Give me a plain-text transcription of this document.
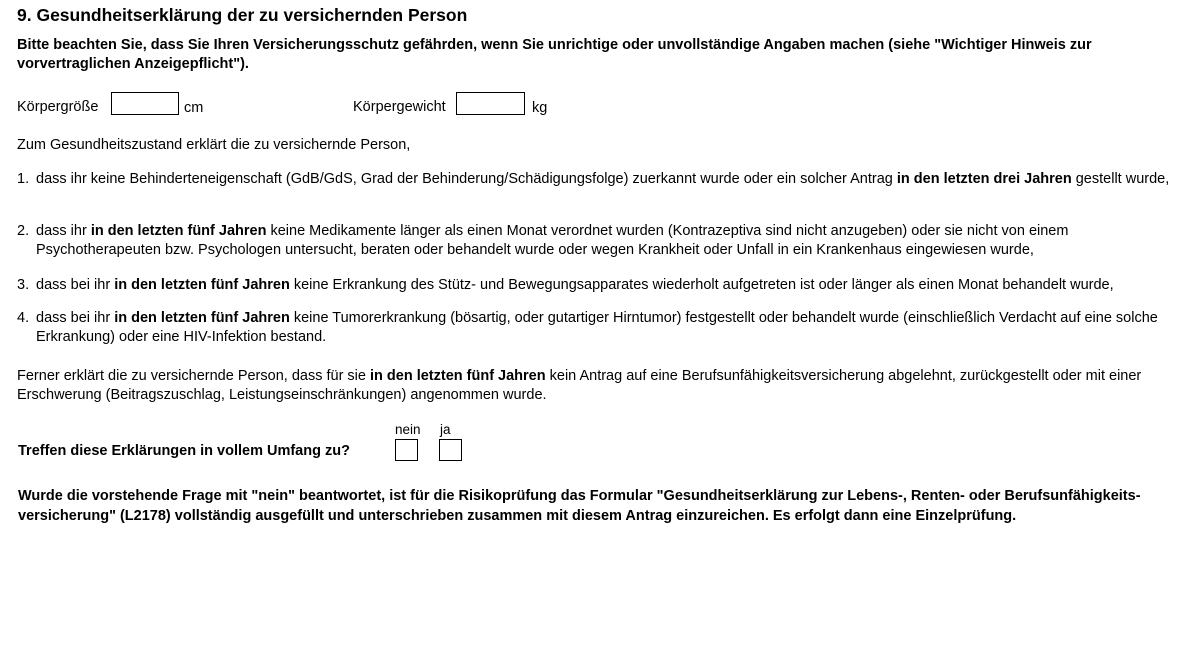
9. Gesundheitserklärung der zu versichernden Person
Bitte beachten Sie, dass Sie Ihren Versicherungsschutz gefährden, wenn Sie unrichtige oder unvollständige Angaben machen (siehe "Wichtiger Hinweis zur vorvertraglichen Anzeigepflicht").
Körpergröße	cm	Körpergewicht	kg
Zum Gesundheitszustand erklärt die zu versichernde Person,
1. dass ihr keine Behinderteneigenschaft (GdB/GdS, Grad der Behinderung/Schädigungsfolge) zuerkannt wurde oder ein solcher Antrag in den letzten drei Jahren gestellt wurde,
2. dass ihr in den letzten fünf Jahren keine Medikamente länger als einen Monat verordnet wurden (Kontrazeptiva sind nicht anzugeben) oder sie nicht von einem Psychotherapeuten bzw. Psychologen untersucht, beraten oder behandelt wurde oder wegen Krankheit oder Unfall in ein Krankenhaus eingewiesen wurde,
3. dass bei ihr in den letzten fünf Jahren keine Erkrankung des Stütz- und Bewegungsapparates wiederholt aufgetreten ist oder länger als einen Monat behandelt wurde,
4. dass bei ihr in den letzten fünf Jahren keine Tumorerkrankung (bösartig, oder gutartiger Hirntumor) festgestellt oder behandelt wurde (einschließlich Verdacht auf eine solche Erkrankung) oder eine HIV-Infektion bestand.
Ferner erklärt die zu versichernde Person, dass für sie in den letzten fünf Jahren kein Antrag auf eine Berufsunfähigkeitsversicherung abgelehnt, zurückgestellt oder mit einer Erschwerung (Beitragszuschlag, Leistungseinschränkungen) angenommen wurde.
Treffen diese Erklärungen in vollem Umfang zu?
nein ja
Wurde die vorstehende Frage mit "nein" beantwortet, ist für die Risikoprüfung das Formular "Gesundheitserklärung zur Lebens-, Renten- oder Berufsunfähigkeits-versicherung" (L2178) vollständig ausgefüllt und unterschrieben zusammen mit diesem Antrag einzureichen. Es erfolgt dann eine Einzelprüfung.
